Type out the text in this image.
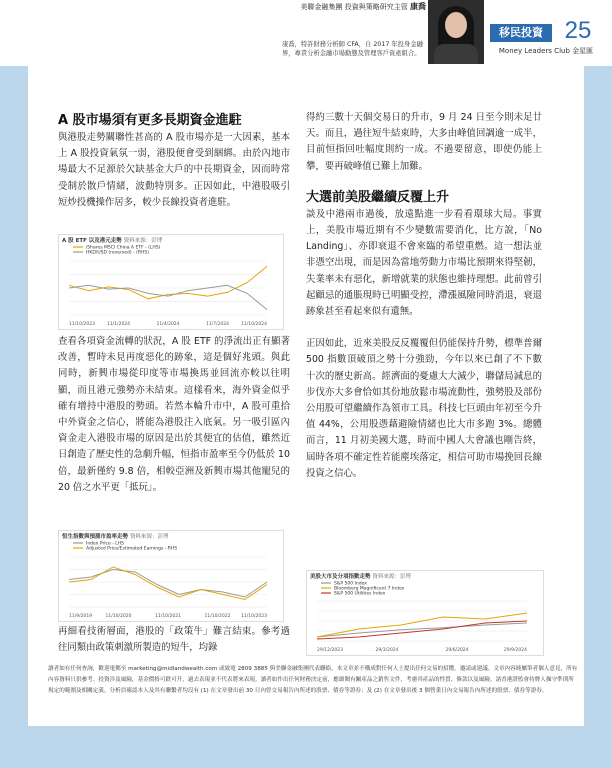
美聯金融集團 投資與策略研究主管 康喬
康喬，特許財務分析師 CFA，自 2017 年投身金融界，專責分析金融市場動態及管理客戶資產組合。
移民投資 25
Money Leaders Club 金星匯

A 股市場須有更多長期資金進駐

與港股走勢關聯性甚高的 A 股市場亦是一大因素，基本上 A 股投資氣氛一弱，港股便會受到綑綁。由於內地市場最大不足源於欠缺基金大戶的中長期資金，因而時常受制於散戶情緒，波動特別多。正因如此，中港股吸引短炒投機操作居多，較少長線投資者進駐。

A 股 ETF 以及港元走勢 資料來源：彭博
iShares MSCI China A ETF - (LHS)
HKD/USD (reversed) - (RHS)
11/10/2023	11/1/2024	11/4/2024	11/7/2024	11/10/2024

查看各項資金流轉的狀況，A 股 ETF 的淨流出正有顯著改善，暫時未見再度惡化的跡象，這是個好兆頭。與此同時，新興市場從印度等市場換馬並回流亦較以往明顯，而且港元強勢亦未結束。這樣看來，海外資金似乎確有增持中港股的勢頭。若然本輪升市中，A 股可重拾中外資金之信心，將能為港股注入底氣。另一吸引區內資金走入港股市場的原因是出於其便宜的估值，雖然近日創造了歷史性的急劇升幅，恒指市盈率至今仍低於 10 倍，最新僅約 9.8 倍，相較亞洲及新興市場其他寵兒的 20 倍之水平更「抵玩」。

恒生指數與預測市盈率走勢 資料來源：彭博
Index Price - LHS
Adjusted Price/Estimated Earnings - RHS
11/9/2019	11/10/2020	11/10/2021	11/10/2022 11/10/2023

再細看技術層面，港股的「政策牛」難言結束。參考過往同類由政策刺激所製造的短牛，均錄

得約三數十天個交易日的升市，9 月 24 日至今則未足廿天。而且，過往短牛結束時，大多由峰值回調逾一成半，目前恒指回吐幅度則約一成。不過要留意，即使仍能上攀，要再破峰值已難上加難。

大選前美股繼續反覆上升

談及中港兩市過後，放遠點進一步看看環球大局。事實上，美股市場近期有不少變數需要消化，比方說，「No Landing」、亦即衰退不會來臨的希望重燃。這一想法並非憑空出現，而是因為當地勞動力市場比預期來得堅韌，失業率未有惡化，新增就業的狀態也維持理想。此前曾引起顧忌的通脹現時已明顯受控，滯漲風險同時消退，衰退跡象甚至看起來似有遺無。

正因如此，近來美股反反覆覆但仍能保持升勢，標準普爾 500 指數頂破頂之勢十分強勁，今年以來已創了不下數十次的歷史新高。經濟面的憂慮大大減少，聯儲局減息的步伐亦大多會恰如其份地放鬆市場流動性，強勢股及部份公用股可望繼續作為領市工具。科技七巨頭由年初至今升值 44%，公用股憑藉避險情緒也比大市多跑 3%。總體而言，11 月初美國大選，時而中國人大會議也剛告終，屆時各項不確定性若能塵埃落定，相信可助市場挽回長線投資之信心。

美股大市及分項指數走勢 資料來源：彭博
S&P 500 Index
Bloomberg Magnificent 7 Index
S&P 500 Utilities Index
29/12/2023	29/3/2024	29/6/2024	29/9/2024
讀者如有任何查詢，歡迎電郵至 marketing@midlandwealth.com 或致電 2809 3885 與美聯金融集團代表聯絡。本文章並不構成對任何人士提出任何交易的招攬。邀請或建議。文章內容純屬筆者個人意見，所有內容資料只供參考。投資涉及風險，基金價格可跌可升，過去表現並不代表將來表現。讀者如作出任何財務決定前，應細閱有關產品之銷售文件，考慮其產品的性質、條款以及風險。諸香港證監會持牌人操守準則所規定的範圍及相關定義，分析員確認本人及其有聯繫者均沒有 (1) 在文章發出前 30 日內曾交易報告內所述的股票、債券等證券；及 (2) 在文章發出後 3 個營業日內交易報告內所述的股票、債券等證券。
